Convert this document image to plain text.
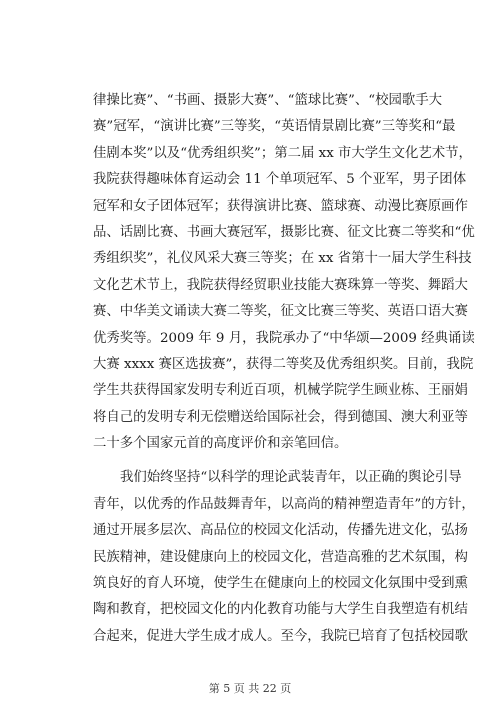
律操比赛”、“书画、摄影大赛”、“篮球比赛”、“校园歌手大
赛”冠军，“演讲比赛”三等奖，“英语情景剧比赛”三等奖和“最
佳剧本奖”以及“优秀组织奖”；第二届 xx 市大学生文化艺术节，
我院获得趣味体育运动会 11 个单项冠军、5 个亚军，男子团体
冠军和女子团体冠军；获得演讲比赛、篮球赛、动漫比赛原画作
品、话剧比赛、书画大赛冠军，摄影比赛、征文比赛二等奖和“优
秀组织奖”，礼仪风采大赛三等奖；在 xx 省第十一届大学生科技
文化艺术节上，我院获得经贸职业技能大赛珠算一等奖、舞蹈大
赛、中华美文诵读大赛二等奖，征文比赛三等奖、英语口语大赛
优秀奖等。2009 年 9 月，我院承办了“中华颂—2009 经典诵读
大赛 xxxx 赛区选拔赛”，获得二等奖及优秀组织奖。目前，我院
学生共获得国家发明专利近百项，机械学院学生顾业栋、王丽娟
将自己的发明专利无偿赠送给国际社会，得到德国、澳大利亚等
二十多个国家元首的高度评价和亲笔回信。
我们始终坚持“以科学的理论武装青年，以正确的舆论引导
青年，以优秀的作品鼓舞青年，以高尚的精神塑造青年”的方针，
通过开展多层次、高品位的校园文化活动，传播先进文化，弘扬
民族精神，建设健康向上的校园文化，营造高雅的艺术氛围，构
筑良好的育人环境，使学生在健康向上的校园文化氛围中受到熏
陶和教育，把校园文化的内化教育功能与大学生自我塑造有机结
合起来，促进大学生成才成人。至今，我院已培育了包括校园歌
第 5 页 共 22 页
